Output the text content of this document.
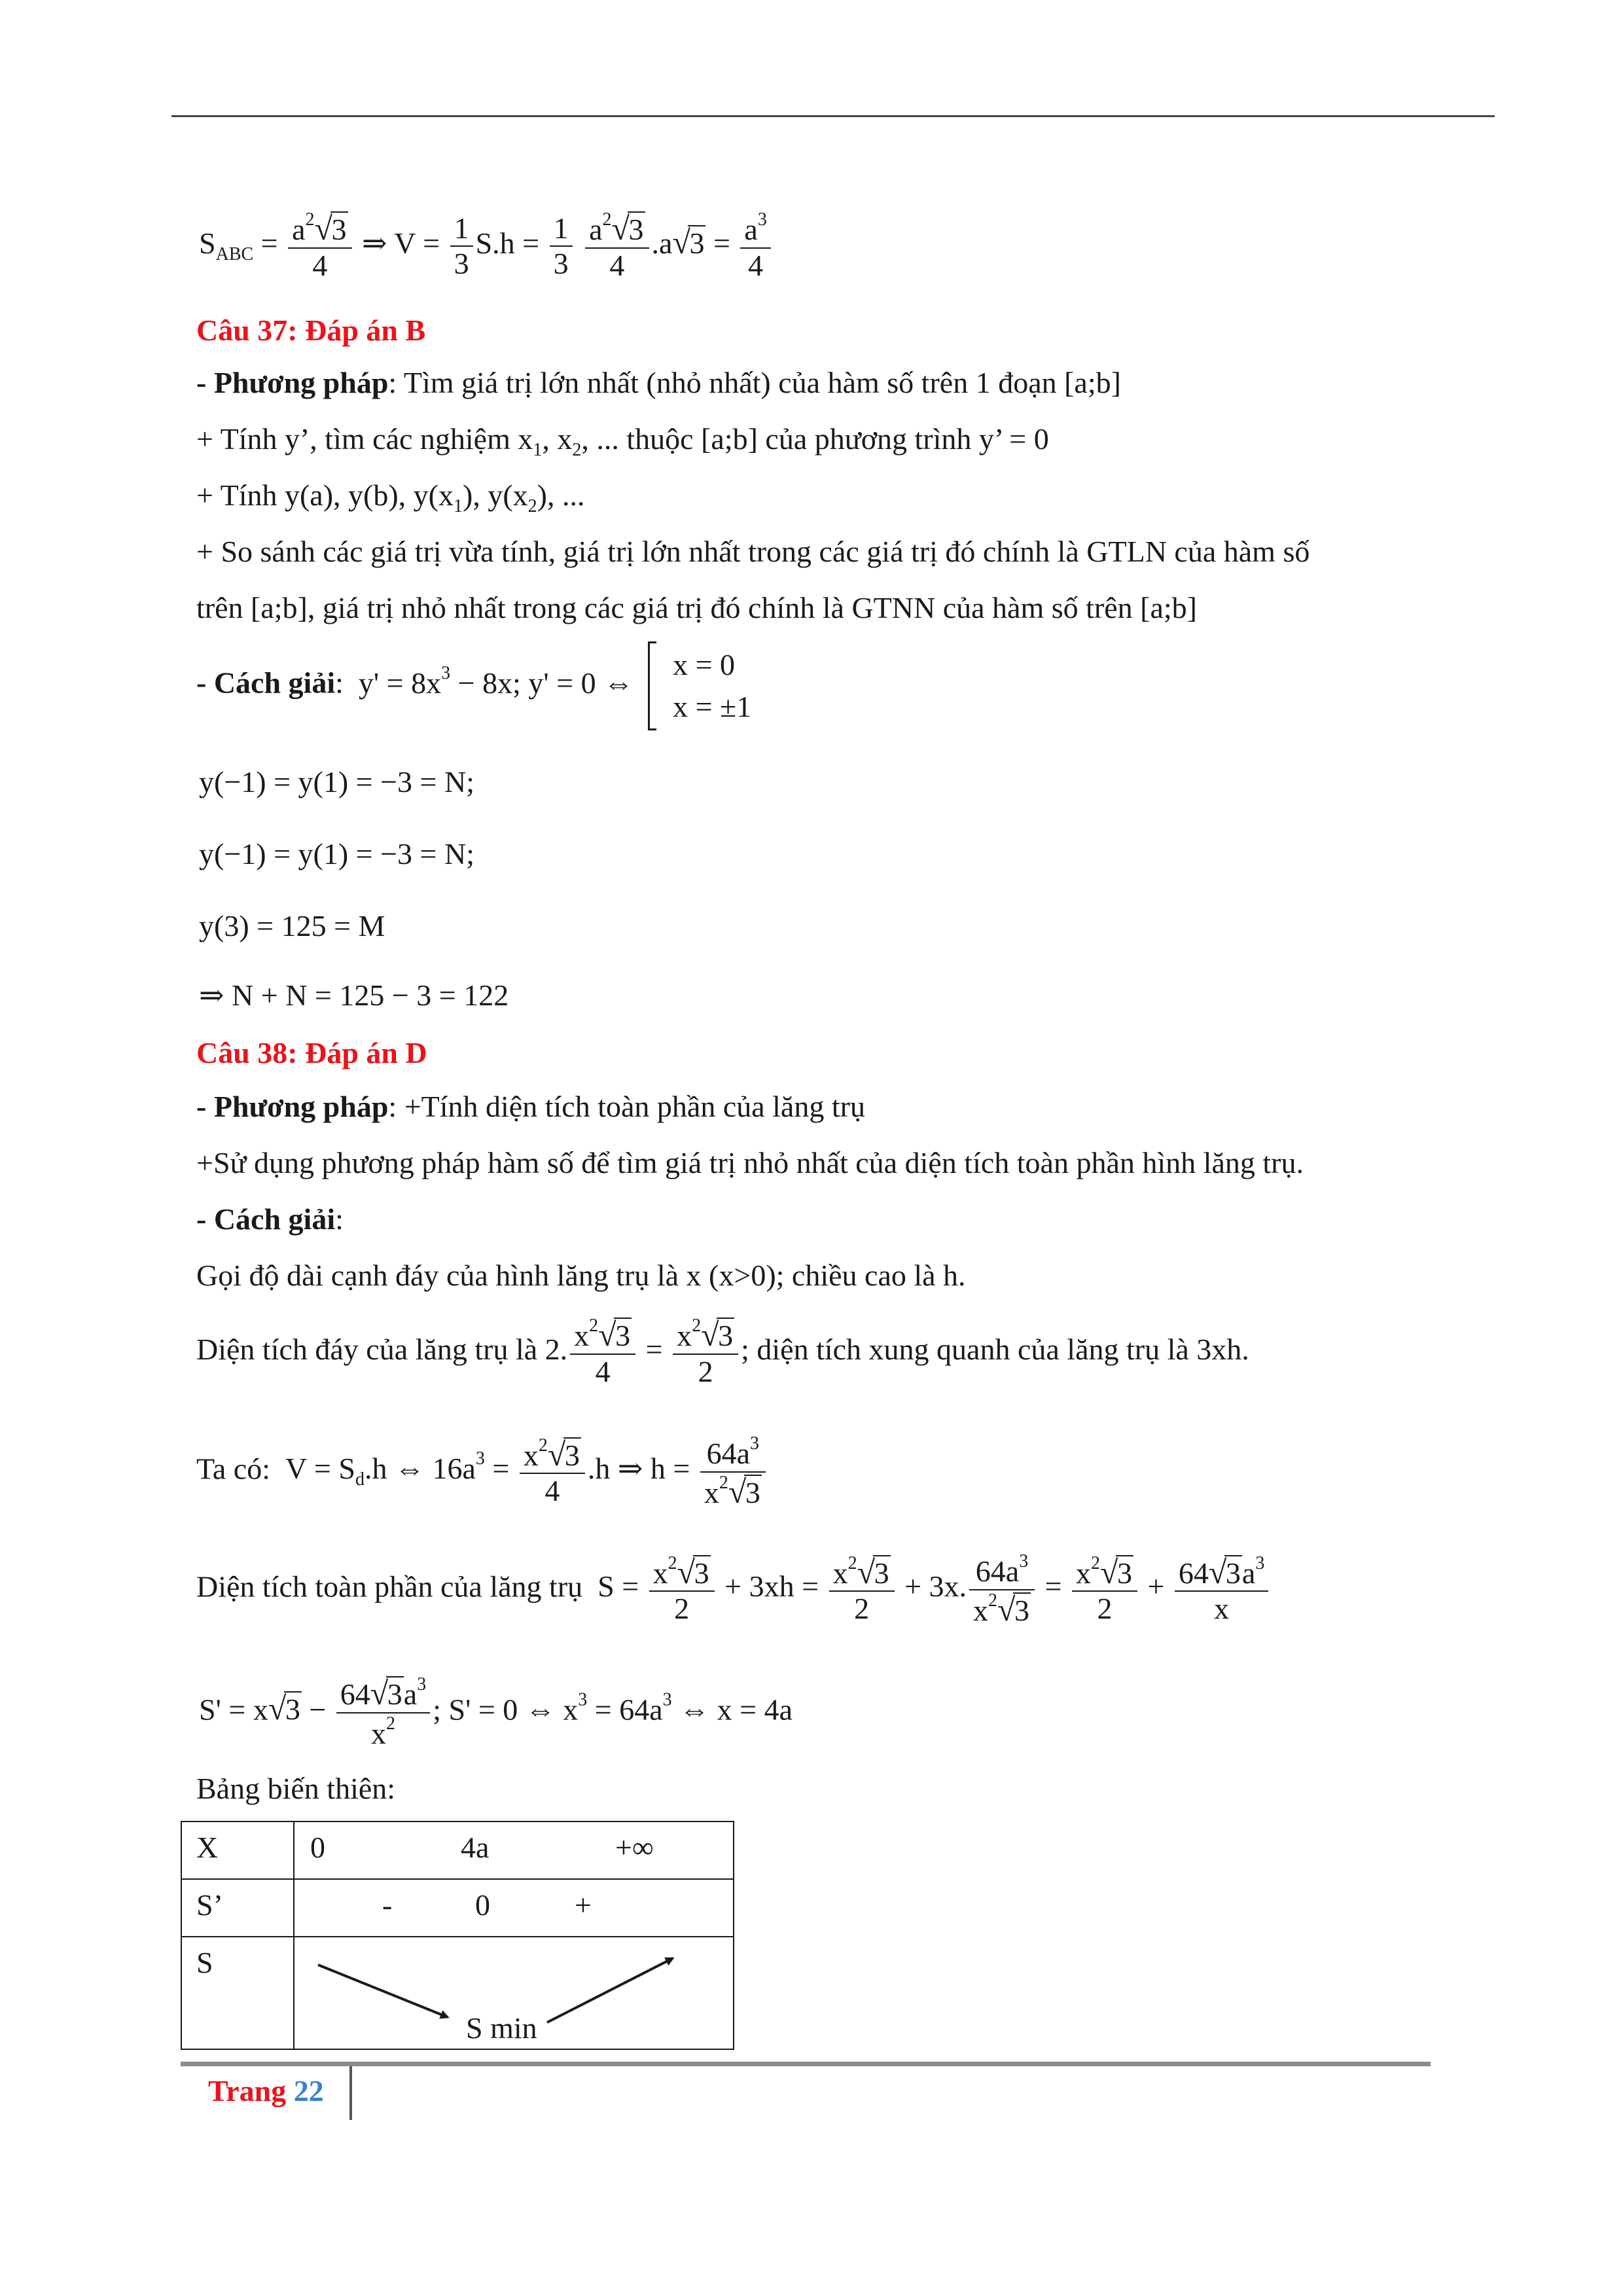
$S_{ABC} = \frac{a^2 √ 3}{4}$ ⇒ $V = \frac{1}{3} S.h = \frac{1}{3}$
$\frac{a^2 √ 3}{4} .a$ √ $3 = \frac{a^3}{4}$
Câu 37: Đáp án B
- Phương pháp: Tìm giá trị lớn nhất (nhỏ nhất) của hàm số trên 1 đoạn [a;b]
+ Tính y’, tìm các nghiệm $x_1$, $x_2$, ... thuộc [a;b] của phương trình y’ = 0
+ Tính y(a), y(b), $y(x_1)$, $y(x_2)$, ...
+ So sánh các giá trị vừa tính, giá trị lớn nhất trong các giá trị đó chính là GTLN của hàm số
trên [a;b], giá trị nhỏ nhất trong các giá trị đó chính là GTNN của hàm số trên [a;b]
- Cách giải:  $y' = 8x^3 - 8x$; y' = 0 ⇔  x = 0
x = ±1
y(−1) = y(1) = −3 = N;
y(−1) = y(1) = −3 = N;
y(3) = 125 = M
⇒ N + N = 125 − 3 = 122
Câu 38: Đáp án D
- Phương pháp: +Tính diện tích toàn phần của lăng trụ
+Sử dụng phương pháp hàm số để tìm giá trị nhỏ nhất của diện tích toàn phần hình lăng trụ.
- Cách giải:
Gọi độ dài cạnh đáy của hình lăng trụ là x (x>0); chiều cao là h.
Diện tích đáy của lăng trụ là 2. $\frac{x^2 √ 3}{4} = \frac{x^2 √ 3}{2}$ ; diện tích xung quanh của lăng trụ là 3xh.
Ta có:  $V = S_d.h$ ⇔ $16a^3 = \frac{x^2 √ 3}{4} .h$ ⇒ $h = \frac{64a^3}{x^2 √ 3}$
Diện tích toàn phần của lăng trụ  $S = \frac{x^2 √ 3}{2} + 3xh = \frac{x^2 √ 3}{2} + 3x$. $\frac{64a^3}{x^2 √ 3} = \frac{x^2 √ 3}{2} + \frac{64 √ 3a^3}{x}$
S' = x √ $3 - \frac{64 √ 3a^3}{x^2}$ ; S' = 0 ⇔ $x^3 = 64a^3$ ⇔ x = 4a
Bảng biến thiên:
X	0 4a +∞

S’	- 0 +

S	S min
Trang 22
